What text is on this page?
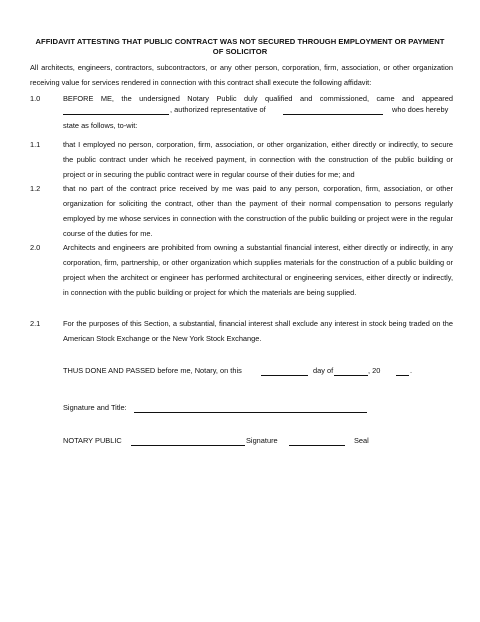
AFFIDAVIT ATTESTING THAT PUBLIC CONTRACT WAS NOT SECURED THROUGH EMPLOYMENT OR PAYMENT OF SOLICITOR
All architects, engineers, contractors, subcontractors, or any other person, corporation, firm, association, or other organization receiving value for services rendered in connection with this contract shall execute the following affidavit:
1.0	BEFORE ME, the undersigned Notary Public duly qualified and commissioned, came and appeared
, authorized representative of	who does hereby
state as follows, to-wit:
1.1	that I employed no person, corporation, firm, association, or other organization, either directly or indirectly, to secure the public contract under which he received payment, in connection with the construction of the public building or project or in securing the public contract were in regular course of their duties for me; and
1.2	that no part of the contract price received by me was paid to any person, corporation, firm, association, or other organization for soliciting the contract, other than the payment of their normal compensation to persons regularly employed by me whose services in connection with the construction of the public building or project were in the regular course of the duties for me.
2.0	Architects and engineers are prohibited from owning a substantial financial interest, either directly or indirectly, in any corporation, firm, partnership, or other organization which supplies materials for the construction of a public building or project when the architect or engineer has performed architectural or engineering services, either directly or indirectly, in connection with the public building or project for which the materials are being supplied.
2.1	For the purposes of this Section, a substantial, financial interest shall exclude any interest in stock being traded on the American Stock Exchange or the New York Stock Exchange.
THUS DONE AND PASSED before me, Notary, on this	day of	, 20	.
Signature and Title:
NOTARY PUBLIC	Signature	Seal
